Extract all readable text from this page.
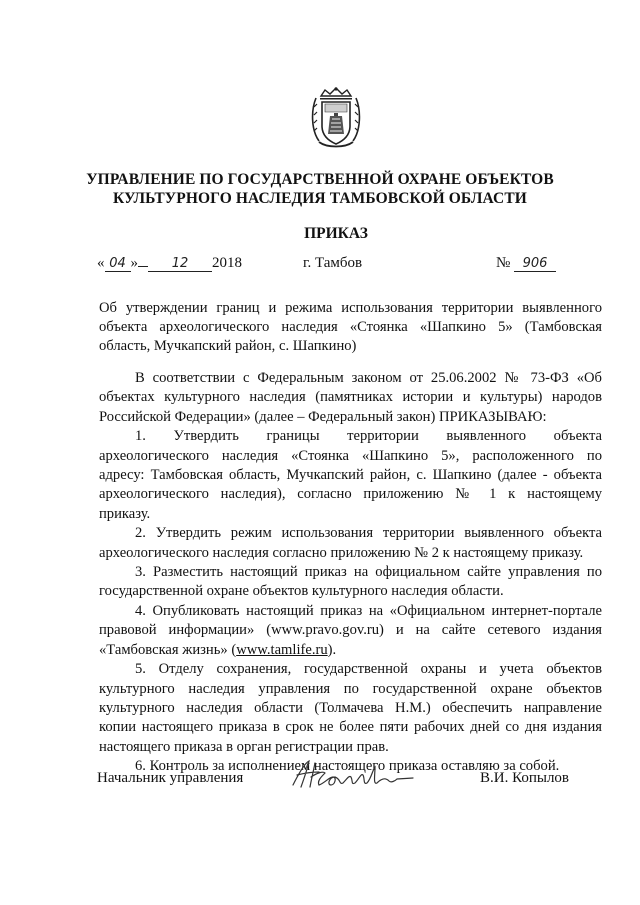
УПРАВЛЕНИЕ ПО ГОСУДАРСТВЕННОЙ ОХРАНЕ ОБЪЕКТОВ
КУЛЬТУРНОГО НАСЛЕДИЯ ТАМБОВСКОЙ ОБЛАСТИ
ПРИКАЗ
« 04 »	12 2018	г. Тамбов	№ 906
Об утверждении границ и режима использования территории выявленного
объекта археологического наследия «Стоянка «Шапкино 5» (Тамбовская
область, Мучкапский район, с. Шапкино)
В соответствии с Федеральным законом от 25.06.2002 № 73-ФЗ «Об
объектах культурного наследия (памятниках истории и культуры) народов
Российской Федерации» (далее – Федеральный закон) ПРИКАЗЫВАЮ:
1. Утвердить границы территории выявленного объекта
археологического наследия «Стоянка «Шапкино 5», расположенного по
адресу: Тамбовская область, Мучкапский район, с. Шапкино (далее - объекта
археологического наследия), согласно приложению № 1 к настоящему
приказу.
2. Утвердить режим использования территории выявленного объекта
археологического наследия согласно приложению № 2 к настоящему приказу.
3. Разместить настоящий приказ на официальном сайте управления по
государственной охране объектов культурного наследия области.
4. Опубликовать настоящий приказ на «Официальном интернет-портале
правовой информации» (www.pravo.gov.ru) и на сайте сетевого издания
«Тамбовская жизнь» (www.tamlife.ru).
5. Отделу сохранения, государственной охраны и учета объектов
культурного наследия управления по государственной охране объектов
культурного наследия области (Толмачева Н.М.) обеспечить направление
копии настоящего приказа в срок не более пяти рабочих дней со дня издания
настоящего приказа в орган регистрации прав.
6. Контроль за исполнением настоящего приказа оставляю за собой.
Начальник управления	В.И. Копылов
